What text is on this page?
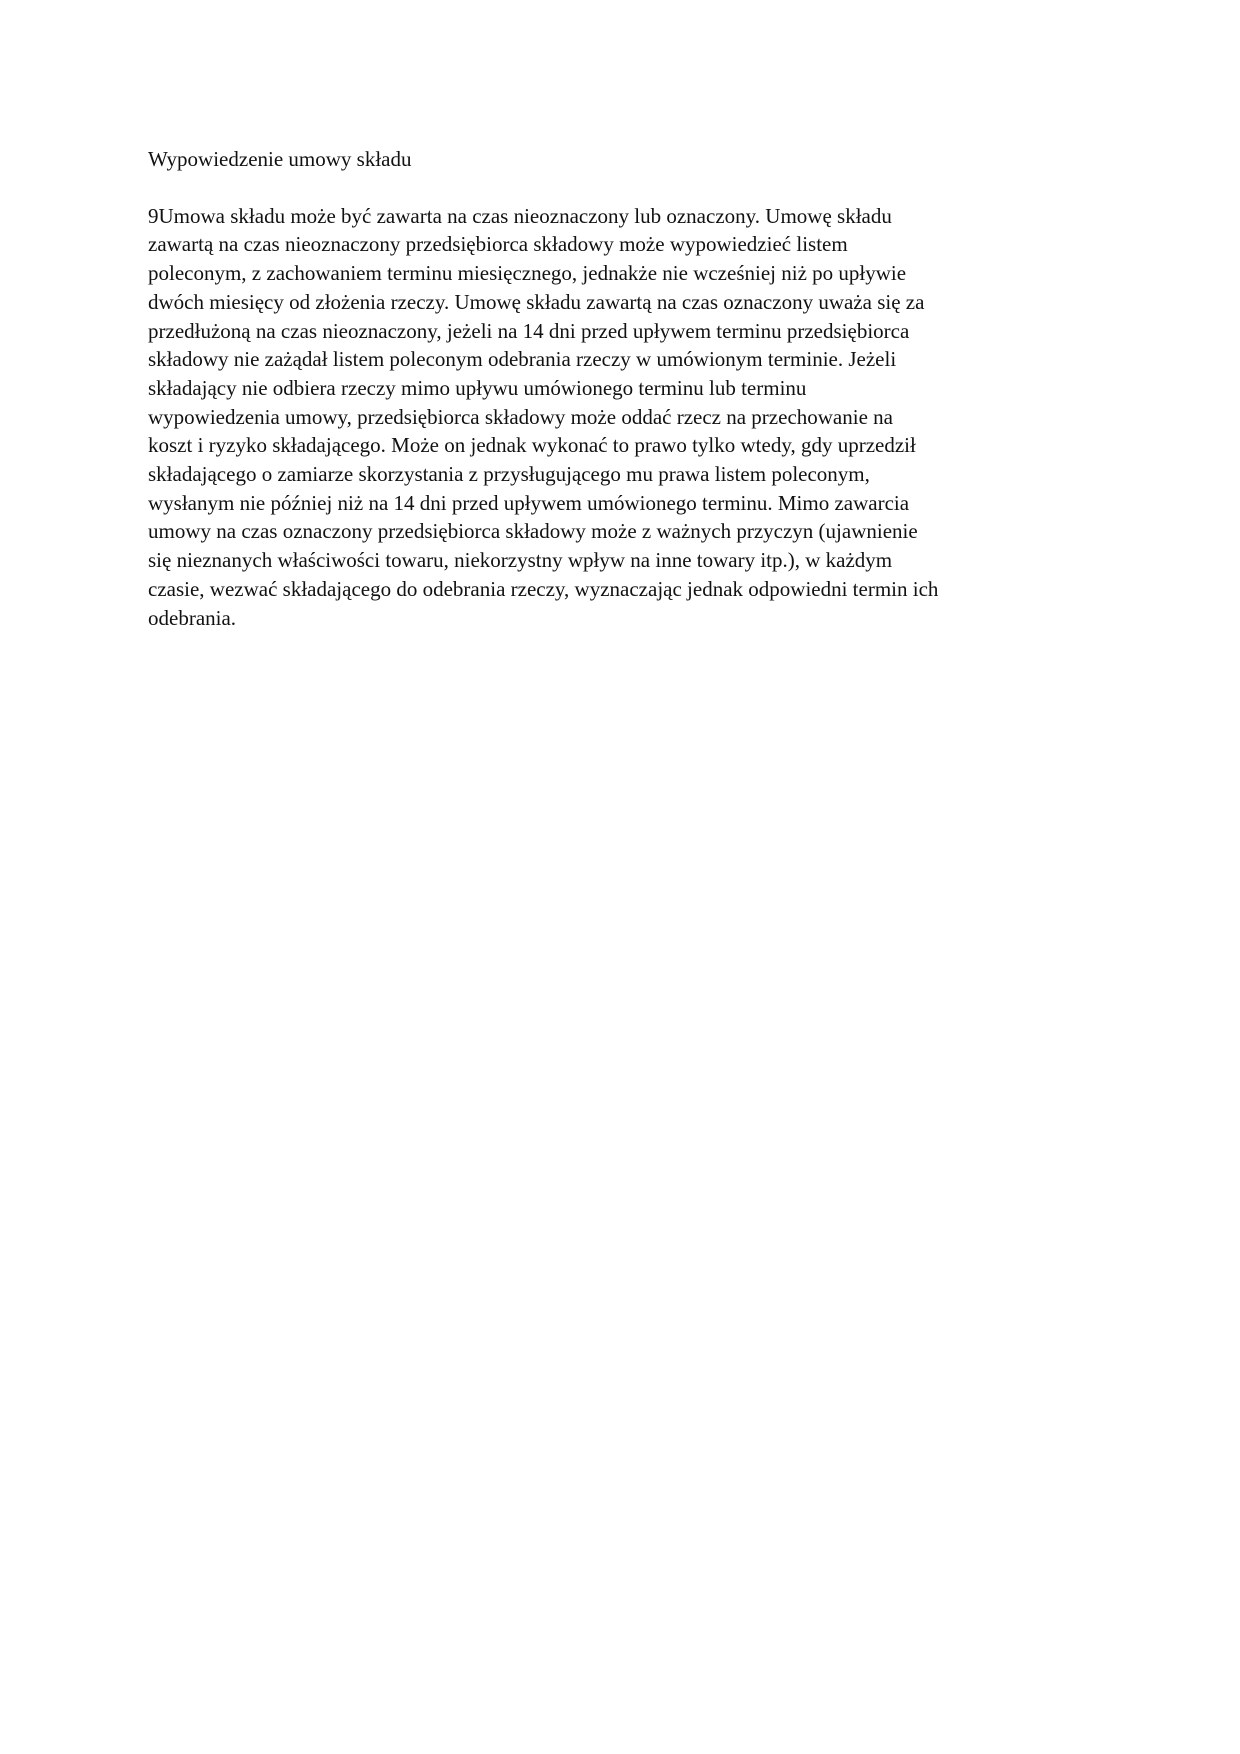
Wypowiedzenie umowy składu

9Umowa składu może być zawarta na czas nieoznaczony lub oznaczony. Umowę składu
zawartą na czas nieoznaczony przedsiębiorca składowy może wypowiedzieć listem
poleconym, z zachowaniem terminu miesięcznego, jednakże nie wcześniej niż po upływie
dwóch miesięcy od złożenia rzeczy. Umowę składu zawartą na czas oznaczony uważa się za
przedłużoną na czas nieoznaczony, jeżeli na 14 dni przed upływem terminu przedsiębiorca
składowy nie zażądał listem poleconym odebrania rzeczy w umówionym terminie. Jeżeli
składający nie odbiera rzeczy mimo upływu umówionego terminu lub terminu
wypowiedzenia umowy, przedsiębiorca składowy może oddać rzecz na przechowanie na
koszt i ryzyko składającego. Może on jednak wykonać to prawo tylko wtedy, gdy uprzedził
składającego o zamiarze skorzystania z przysługującego mu prawa listem poleconym,
wysłanym nie później niż na 14 dni przed upływem umówionego terminu. Mimo zawarcia
umowy na czas oznaczony przedsiębiorca składowy może z ważnych przyczyn (ujawnienie
się nieznanych właściwości towaru, niekorzystny wpływ na inne towary itp.), w każdym
czasie, wezwać składającego do odebrania rzeczy, wyznaczając jednak odpowiedni termin ich
odebrania.
